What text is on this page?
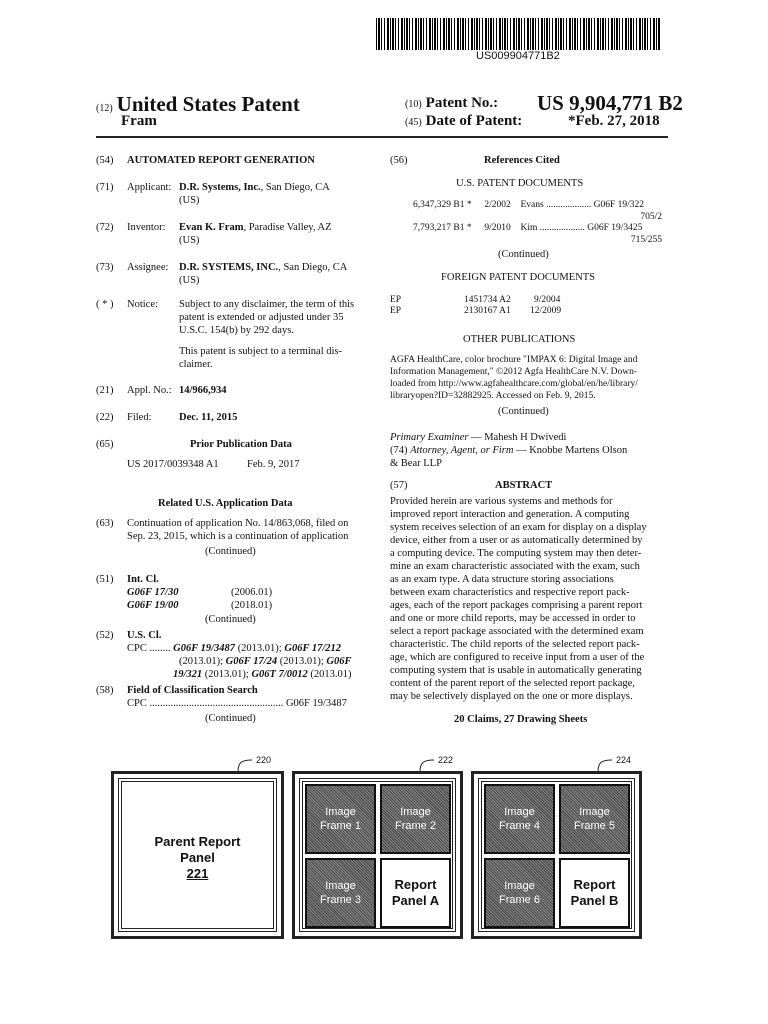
US009904771B2
(12) United States Patent
Fram
(10) Patent No.: US 9,904,771 B2
(45) Date of Patent:	*Feb. 27, 2018
(54) AUTOMATED REPORT GENERATION
(71) Applicant: D.R. Systems, Inc., San Diego, CA
(US)
(72) Inventor: Evan K. Fram, Paradise Valley, AZ
(US)
(73) Assignee: D.R. SYSTEMS, INC., San Diego, CA
(US)
( * ) Notice: Subject to any disclaimer, the term of this
patent is extended or adjusted under 35
U.S.C. 154(b) by 292 days.
This patent is subject to a terminal dis-
claimer.
(21) Appl. No.: 14/966,934
(22) Filed:	Dec. 11, 2015
(65)	Prior Publication Data
US 2017/0039348 A1	Feb. 9, 2017
Related U.S. Application Data
(63) Continuation of application No. 14/863,068, filed on
Sep. 23, 2015, which is a continuation of application
(Continued)
(51) Int. Cl.
G06F 17/30	(2006.01)
G06F 19/00	(2018.01)
(Continued)
(52) U.S. Cl.
CPC ........ G06F 19/3487 (2013.01); G06F 17/212
(2013.01); G06F 17/24 (2013.01); G06F
19/321 (2013.01); G06T 7/0012 (2013.01)
(58) Field of Classification Search
CPC ................................................... G06F 19/3487
(Continued)
(56)	References Cited
U.S. PATENT DOCUMENTS
6,347,329 B1 * 2/2002 Evans ................... G06F 19/322
705/2
7,793,217 B1 * 9/2010 Kim ................... G06F 19/3425
715/255
(Continued)
FOREIGN PATENT DOCUMENTS
EP	1451734 A2 9/2004
EP	2130167 A1 12/2009
OTHER PUBLICATIONS
AGFA HealthCare, color brochure "IMPAX 6: Digital Image and
Information Management," ©2012 Agfa HealthCare N.V. Down-
loaded from http://www.agfahealthcare.com/global/en/he/library/
libraryopen?ID=32882925. Accessed on Feb. 9, 2015.
(Continued)
Primary Examiner — Mahesh H Dwivedi
(74) Attorney, Agent, or Firm — Knobbe Martens Olson
& Bear LLP
(57)	ABSTRACT
Provided herein are various systems and methods for
improved report interaction and generation. A computing
system receives selection of an exam for display on a display
device, either from a user or as automatically determined by
a computing device. The computing system may then deter-
mine an exam characteristic associated with the exam, such
as an exam type. A data structure storing associations
between exam characteristics and respective report pack-
ages, each of the report packages comprising a parent report
and one or more child reports, may be accessed in order to
select a report package associated with the determined exam
characteristic. The child reports of the selected report pack-
age, which are configured to receive input from a user of the
computing system that is usable in automatically generating
content of the parent report of the selected report package,
may be selectively displayed on the one or more displays.
20 Claims, 27 Drawing Sheets
220	222	224
Parent Report
Panel
221
Image
Frame 1
Image
Frame 2
Image
Frame 3
Report
Panel A
Image
Frame 4
Image
Frame 5
Image
Frame 6
Report
Panel B
